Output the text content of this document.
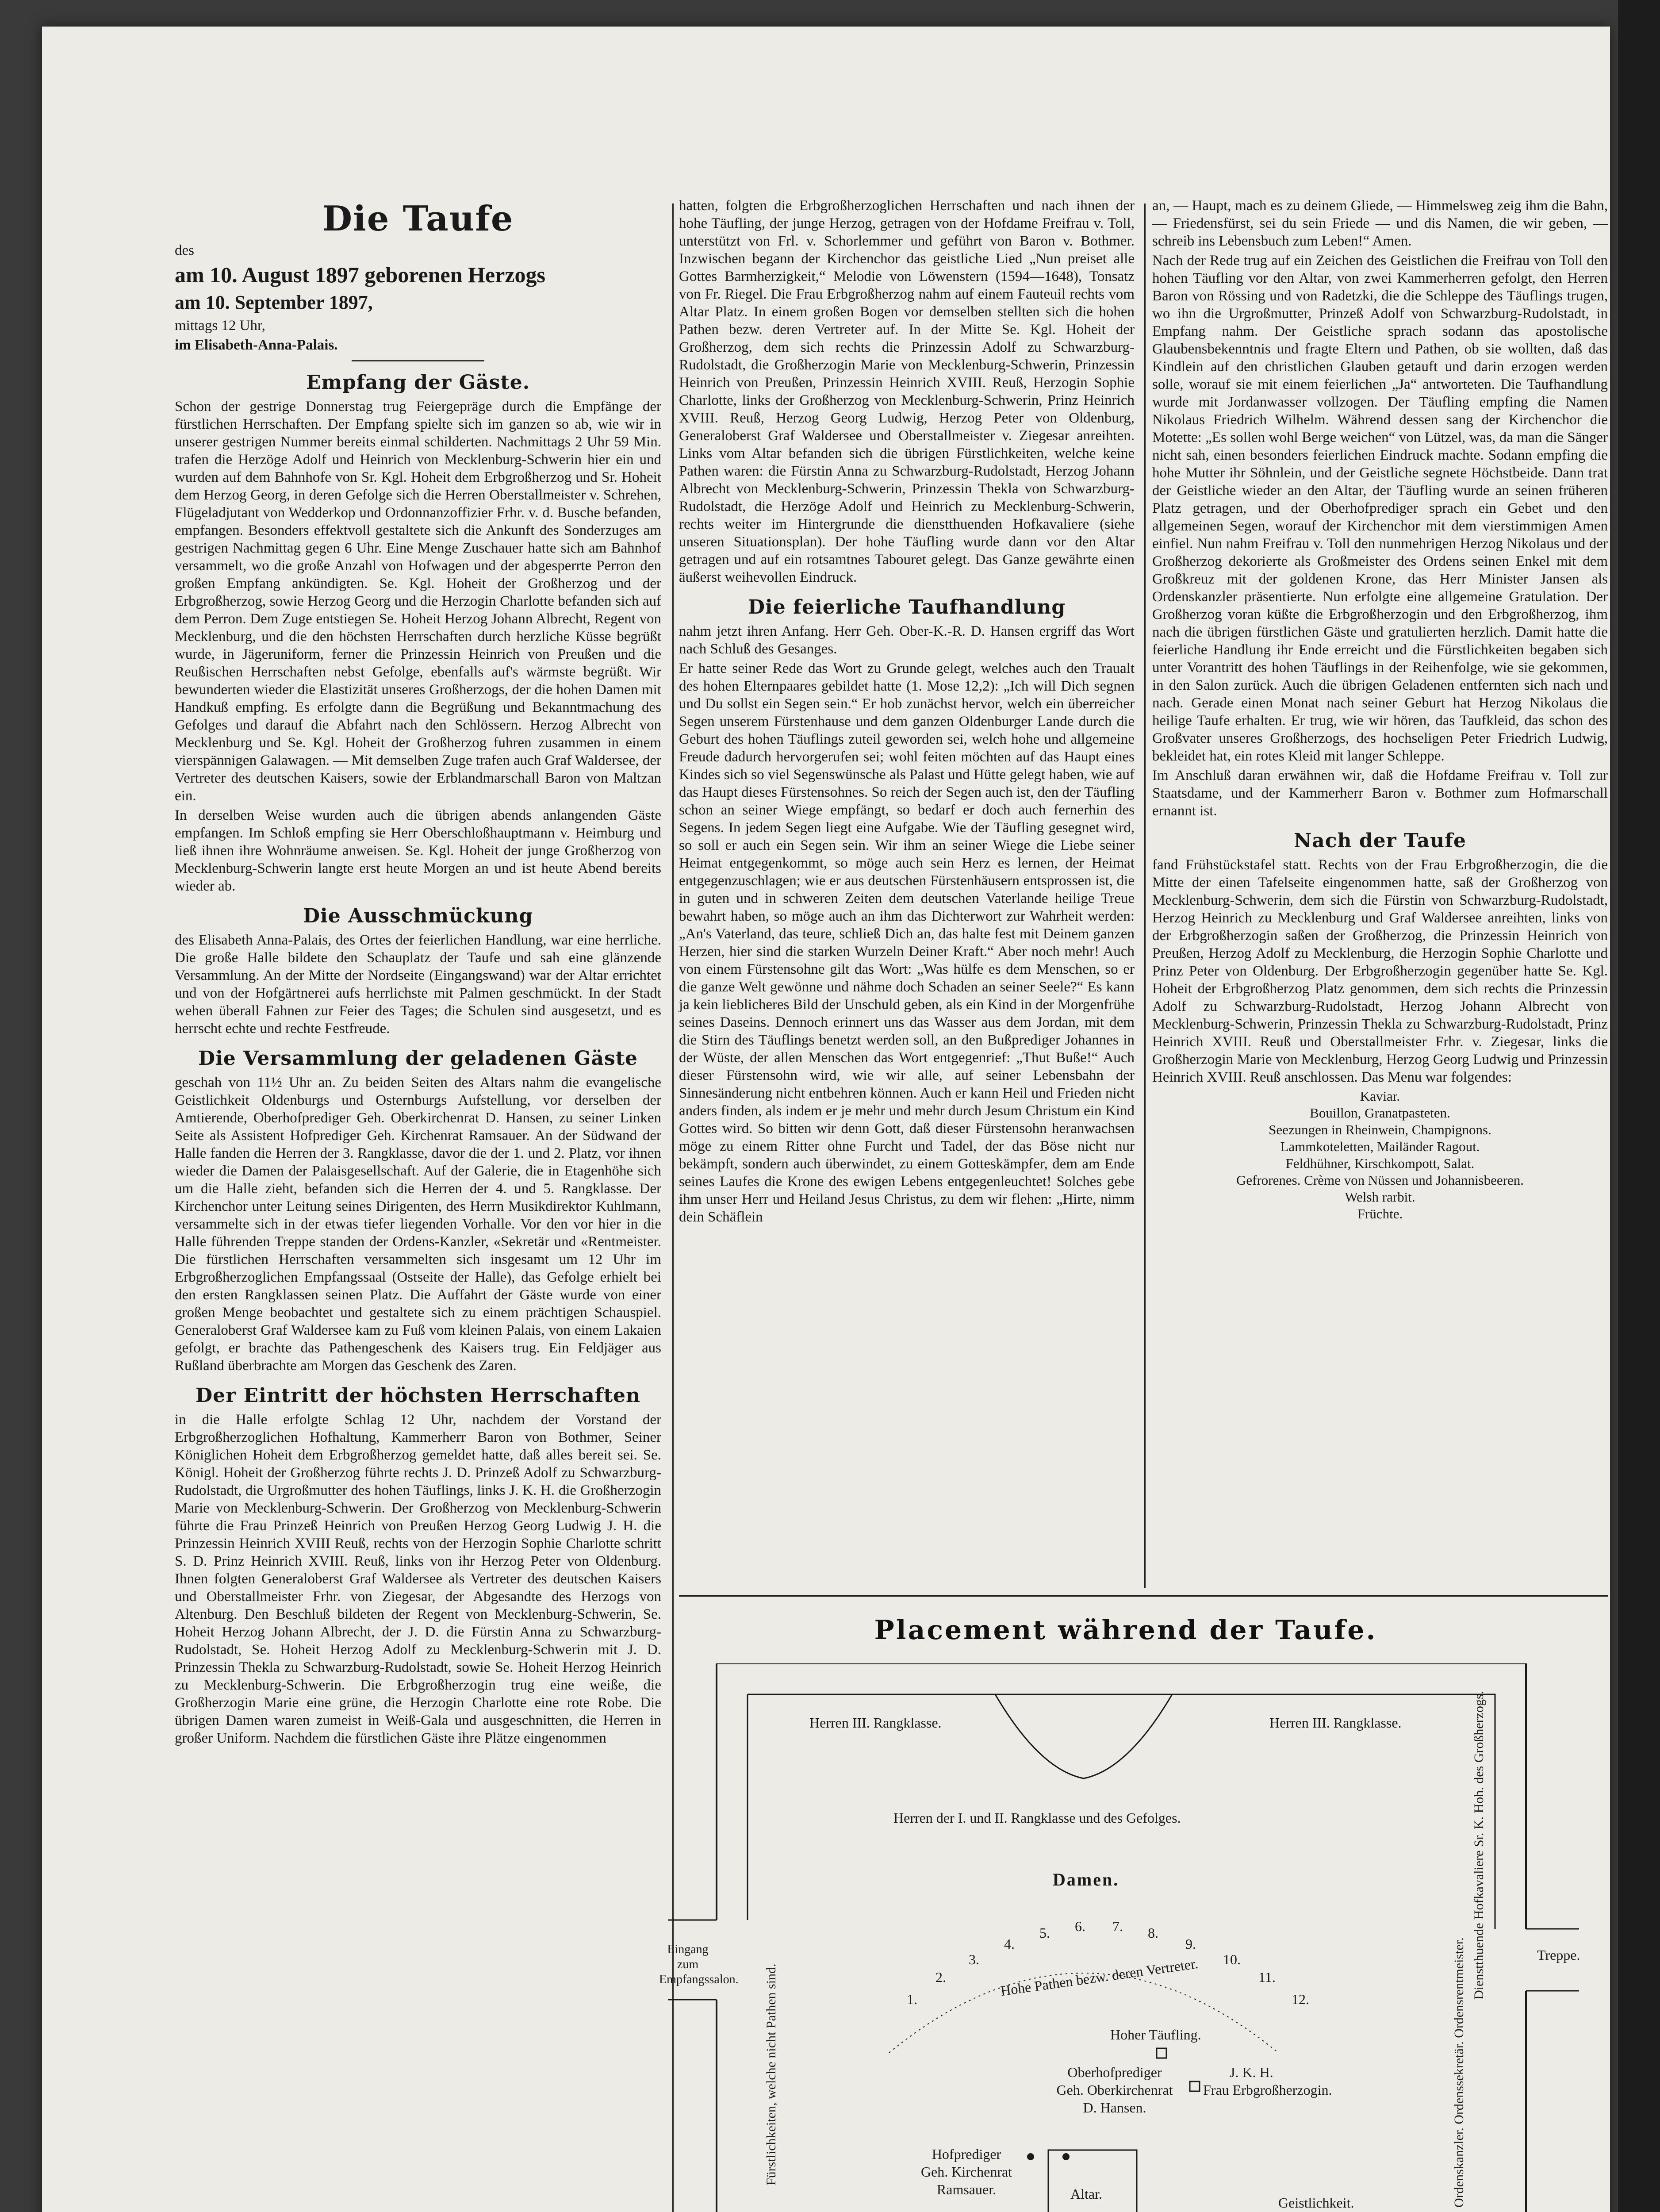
Die Taufe

des

am 10. August 1897 geborenen Herzogs

am 10. September 1897,

mittags 12 Uhr,

im Elisabeth-Anna-Palais.

Empfang der Gäste.

Schon der gestrige Donnerstag trug Feiergepräge durch die Empfänge der fürstlichen Herrschaften. Der Empfang spielte sich im ganzen so ab, wie wir in unserer gestrigen Nummer bereits einmal schilderten. Nachmittags 2 Uhr 59 Min. trafen die Herzöge Adolf und Heinrich von Mecklenburg-Schwerin hier ein und wurden auf dem Bahnhofe von Sr. Kgl. Hoheit dem Erbgroßherzog und Sr. Hoheit dem Herzog Georg, in deren Gefolge sich die Herren Oberstallmeister v. Schrehen, Flügeladjutant von Wedderkop und Ordonnanzoffizier Frhr. v. d. Busche befanden, empfangen. Besonders effektvoll gestaltete sich die Ankunft des Sonderzuges am gestrigen Nachmittag gegen 6 Uhr. Eine Menge Zuschauer hatte sich am Bahnhof versammelt, wo die große Anzahl von Hofwagen und der abgesperrte Perron den großen Empfang ankündigten. Se. Kgl. Hoheit der Großherzog und der Erbgroßherzog, sowie Herzog Georg und die Herzogin Charlotte befanden sich auf dem Perron. Dem Zuge entstiegen Se. Hoheit Herzog Johann Albrecht, Regent von Mecklenburg, und die den höchsten Herrschaften durch herzliche Küsse begrüßt wurde, in Jägeruniform, ferner die Prinzessin Heinrich von Preußen und die Reußischen Herrschaften nebst Gefolge, ebenfalls auf's wärmste begrüßt. Wir bewunderten wieder die Elastizität unseres Großherzogs, der die hohen Damen mit Handkuß empfing. Es erfolgte dann die Begrüßung und Bekanntmachung des Gefolges und darauf die Abfahrt nach den Schlössern. Herzog Albrecht von Mecklenburg und Se. Kgl. Hoheit der Großherzog fuhren zusammen in einem vierspännigen Galawagen. — Mit demselben Zuge trafen auch Graf Waldersee, der Vertreter des deutschen Kaisers, sowie der Erblandmarschall Baron von Maltzan ein.

In derselben Weise wurden auch die übrigen abends anlangenden Gäste empfangen. Im Schloß empfing sie Herr Oberschloßhauptmann v. Heimburg und ließ ihnen ihre Wohnräume anweisen. Se. Kgl. Hoheit der junge Großherzog von Mecklenburg-Schwerin langte erst heute Morgen an und ist heute Abend bereits wieder ab.

Die Ausschmückung

des Elisabeth Anna-Palais, des Ortes der feierlichen Handlung, war eine herrliche. Die große Halle bildete den Schauplatz der Taufe und sah eine glänzende Versammlung. An der Mitte der Nordseite (Eingangswand) war der Altar errichtet und von der Hofgärtnerei aufs herrlichste mit Palmen geschmückt. In der Stadt wehen überall Fahnen zur Feier des Tages; die Schulen sind ausgesetzt, und es herrscht echte und rechte Festfreude.

Die Versammlung der geladenen Gäste

geschah von 11½ Uhr an. Zu beiden Seiten des Altars nahm die evangelische Geistlichkeit Oldenburgs und Osternburgs Aufstellung, vor derselben der Amtierende, Oberhofprediger Geh. Oberkirchenrat D. Hansen, zu seiner Linken Seite als Assistent Hofprediger Geh. Kirchenrat Ramsauer. An der Südwand der Halle fanden die Herren der 3. Rangklasse, davor die der 1. und 2. Platz, vor ihnen wieder die Damen der Palaisgesellschaft. Auf der Galerie, die in Etagenhöhe sich um die Halle zieht, befanden sich die Herren der 4. und 5. Rangklasse. Der Kirchenchor unter Leitung seines Dirigenten, des Herrn Musikdirektor Kuhlmann, versammelte sich in der etwas tiefer liegenden Vorhalle. Vor den vor hier in die Halle führenden Treppe standen der Ordens-Kanzler, «Sekretär und «Rentmeister. Die fürstlichen Herrschaften versammelten sich insgesamt um 12 Uhr im Erbgroßherzoglichen Empfangssaal (Ostseite der Halle), das Gefolge erhielt bei den ersten Rangklassen seinen Platz. Die Auffahrt der Gäste wurde von einer großen Menge beobachtet und gestaltete sich zu einem prächtigen Schauspiel. Generaloberst Graf Waldersee kam zu Fuß vom kleinen Palais, von einem Lakaien gefolgt, er brachte das Pathengeschenk des Kaisers trug. Ein Feldjäger aus Rußland überbrachte am Morgen das Geschenk des Zaren.

Der Eintritt der höchsten Herrschaften

in die Halle erfolgte Schlag 12 Uhr, nachdem der Vorstand der Erbgroßherzoglichen Hofhaltung, Kammerherr Baron von Bothmer, Seiner Königlichen Hoheit dem Erbgroßherzog gemeldet hatte, daß alles bereit sei. Se. Königl. Hoheit der Großherzog führte rechts J. D. Prinzeß Adolf zu Schwarzburg-Rudolstadt, die Urgroßmutter des hohen Täuflings, links J. K. H. die Großherzogin Marie von Mecklenburg-Schwerin. Der Großherzog von Mecklenburg-Schwerin führte die Frau Prinzeß Heinrich von Preußen Herzog Georg Ludwig J. H. die Prinzessin Heinrich XVIII Reuß, rechts von der Herzogin Sophie Charlotte schritt S. D. Prinz Heinrich XVIII. Reuß, links von ihr Herzog Peter von Oldenburg. Ihnen folgten Generaloberst Graf Waldersee als Vertreter des deutschen Kaisers und Oberstallmeister Frhr. von Ziegesar, der Abgesandte des Herzogs von Altenburg. Den Beschluß bildeten der Regent von Mecklenburg-Schwerin, Se. Hoheit Herzog Johann Albrecht, der J. D. die Fürstin Anna zu Schwarzburg-Rudolstadt, Se. Hoheit Herzog Adolf zu Mecklenburg-Schwerin mit J. D. Prinzessin Thekla zu Schwarzburg-Rudolstadt, sowie Se. Hoheit Herzog Heinrich zu Mecklenburg-Schwerin. Die Erbgroßherzogin trug eine weiße, die Großherzogin Marie eine grüne, die Herzogin Charlotte eine rote Robe. Die übrigen Damen waren zumeist in Weiß-Gala und ausgeschnitten, die Herren in großer Uniform. Nachdem die fürstlichen Gäste ihre Plätze eingenommen

hatten, folgten die Erbgroßherzoglichen Herrschaften und nach ihnen der hohe Täufling, der junge Herzog, getragen von der Hofdame Freifrau v. Toll, unterstützt von Frl. v. Schorlemmer und geführt von Baron v. Bothmer. Inzwischen begann der Kirchenchor das geistliche Lied „Nun preiset alle Gottes Barmherzigkeit,“ Melodie von Löwenstern (1594—1648), Tonsatz von Fr. Riegel. Die Frau Erbgroßherzog nahm auf einem Fauteuil rechts vom Altar Platz. In einem großen Bogen vor demselben stellten sich die hohen Pathen bezw. deren Vertreter auf. In der Mitte Se. Kgl. Hoheit der Großherzog, dem sich rechts die Prinzessin Adolf zu Schwarzburg-Rudolstadt, die Großherzogin Marie von Mecklenburg-Schwerin, Prinzessin Heinrich von Preußen, Prinzessin Heinrich XVIII. Reuß, Herzogin Sophie Charlotte, links der Großherzog von Mecklenburg-Schwerin, Prinz Heinrich XVIII. Reuß, Herzog Georg Ludwig, Herzog Peter von Oldenburg, Generaloberst Graf Waldersee und Oberstallmeister v. Ziegesar anreihten. Links vom Altar befanden sich die übrigen Fürstlichkeiten, welche keine Pathen waren: die Fürstin Anna zu Schwarzburg-Rudolstadt, Herzog Johann Albrecht von Mecklenburg-Schwerin, Prinzessin Thekla von Schwarzburg-Rudolstadt, die Herzöge Adolf und Heinrich zu Mecklenburg-Schwerin, rechts weiter im Hintergrunde die dienstthuenden Hofkavaliere (siehe unseren Situationsplan). Der hohe Täufling wurde dann vor den Altar getragen und auf ein rotsamtnes Tabouret gelegt. Das Ganze gewährte einen äußerst weihevollen Eindruck.

Die feierliche Taufhandlung

nahm jetzt ihren Anfang. Herr Geh. Ober-K.-R. D. Hansen ergriff das Wort nach Schluß des Gesanges.

Er hatte seiner Rede das Wort zu Grunde gelegt, welches auch den Traualt des hohen Elternpaares gebildet hatte (1. Mose 12,2): „Ich will Dich segnen und Du sollst ein Segen sein.“ Er hob zunächst hervor, welch ein überreicher Segen unserem Fürstenhause und dem ganzen Oldenburger Lande durch die Geburt des hohen Täuflings zuteil geworden sei, welch hohe und allgemeine Freude dadurch hervorgerufen sei; wohl feiten möchten auf das Haupt eines Kindes sich so viel Segenswünsche als Palast und Hütte gelegt haben, wie auf das Haupt dieses Fürstensohnes. So reich der Segen auch ist, den der Täufling schon an seiner Wiege empfängt, so bedarf er doch auch fernerhin des Segens. In jedem Segen liegt eine Aufgabe. Wie der Täufling gesegnet wird, so soll er auch ein Segen sein. Wir ihm an seiner Wiege die Liebe seiner Heimat entgegenkommt, so möge auch sein Herz es lernen, der Heimat entgegenzuschlagen; wie er aus deutschen Fürstenhäusern entsprossen ist, die in guten und in schweren Zeiten dem deutschen Vaterlande heilige Treue bewahrt haben, so möge auch an ihm das Dichterwort zur Wahrheit werden: „An's Vaterland, das teure, schließ Dich an, das halte fest mit Deinem ganzen Herzen, hier sind die starken Wurzeln Deiner Kraft.“ Aber noch mehr! Auch von einem Fürstensohne gilt das Wort: „Was hülfe es dem Menschen, so er die ganze Welt gewönne und nähme doch Schaden an seiner Seele?“ Es kann ja kein lieblicheres Bild der Unschuld geben, als ein Kind in der Morgenfrühe seines Daseins. Dennoch erinnert uns das Wasser aus dem Jordan, mit dem die Stirn des Täuflings benetzt werden soll, an den Bußprediger Johannes in der Wüste, der allen Menschen das Wort entgegenrief: „Thut Buße!“ Auch dieser Fürstensohn wird, wie wir alle, auf seiner Lebensbahn der Sinnesänderung nicht entbehren können. Auch er kann Heil und Frieden nicht anders finden, als indem er je mehr und mehr durch Jesum Christum ein Kind Gottes wird. So bitten wir denn Gott, daß dieser Fürstensohn heranwachsen möge zu einem Ritter ohne Furcht und Tadel, der das Böse nicht nur bekämpft, sondern auch überwindet, zu einem Gotteskämpfer, dem am Ende seines Laufes die Krone des ewigen Lebens entgegenleuchtet! Solches gebe ihm unser Herr und Heiland Jesus Christus, zu dem wir flehen: „Hirte, nimm dein Schäflein

an, — Haupt, mach es zu deinem Gliede, — Himmelsweg zeig ihm die Bahn, — Friedensfürst, sei du sein Friede — und dis Namen, die wir geben, — schreib ins Lebensbuch zum Leben!“ Amen.

Nach der Rede trug auf ein Zeichen des Geistlichen die Freifrau von Toll den hohen Täufling vor den Altar, von zwei Kammerherren gefolgt, den Herren Baron von Rössing und von Radetzki, die die Schleppe des Täuflings trugen, wo ihn die Urgroßmutter, Prinzeß Adolf von Schwarzburg-Rudolstadt, in Empfang nahm. Der Geistliche sprach sodann das apostolische Glaubensbekenntnis und fragte Eltern und Pathen, ob sie wollten, daß das Kindlein auf den christlichen Glauben getauft und darin erzogen werden solle, worauf sie mit einem feierlichen „Ja“ antworteten. Die Taufhandlung wurde mit Jordanwasser vollzogen. Der Täufling empfing die Namen Nikolaus Friedrich Wilhelm. Während dessen sang der Kirchenchor die Motette: „Es sollen wohl Berge weichen“ von Lützel, was, da man die Sänger nicht sah, einen besonders feierlichen Eindruck machte. Sodann empfing die hohe Mutter ihr Söhnlein, und der Geistliche segnete Höchstbeide. Dann trat der Geistliche wieder an den Altar, der Täufling wurde an seinen früheren Platz getragen, und der Oberhofprediger sprach ein Gebet und den allgemeinen Segen, worauf der Kirchenchor mit dem vierstimmigen Amen einfiel. Nun nahm Freifrau v. Toll den nunmehrigen Herzog Nikolaus und der Großherzog dekorierte als Großmeister des Ordens seinen Enkel mit dem Großkreuz mit der goldenen Krone, das Herr Minister Jansen als Ordenskanzler präsentierte. Nun erfolgte eine allgemeine Gratulation. Der Großherzog voran küßte die Erbgroßherzogin und den Erbgroßherzog, ihm nach die übrigen fürstlichen Gäste und gratulierten herzlich. Damit hatte die feierliche Handlung ihr Ende erreicht und die Fürstlichkeiten begaben sich unter Vorantritt des hohen Täuflings in der Reihenfolge, wie sie gekommen, in den Salon zurück. Auch die übrigen Geladenen entfernten sich nach und nach. Gerade einen Monat nach seiner Geburt hat Herzog Nikolaus die heilige Taufe erhalten. Er trug, wie wir hören, das Taufkleid, das schon des Großvater unseres Großherzogs, des hochseligen Peter Friedrich Ludwig, bekleidet hat, ein rotes Kleid mit langer Schleppe.

Im Anschluß daran erwähnen wir, daß die Hofdame Freifrau v. Toll zur Staatsdame, und der Kammerherr Baron v. Bothmer zum Hofmarschall ernannt ist.

Nach der Taufe

fand Frühstückstafel statt. Rechts von der Frau Erbgroßherzogin, die die Mitte der einen Tafelseite eingenommen hatte, saß der Großherzog von Mecklenburg-Schwerin, dem sich die Fürstin von Schwarzburg-Rudolstadt, Herzog Heinrich zu Mecklenburg und Graf Waldersee anreihten, links von der Erbgroßherzogin saßen der Großherzog, die Prinzessin Heinrich von Preußen, Herzog Adolf zu Mecklenburg, die Herzogin Sophie Charlotte und Prinz Peter von Oldenburg. Der Erbgroßherzogin gegenüber hatte Se. Kgl. Hoheit der Erbgroßherzog Platz genommen, dem sich rechts die Prinzessin Adolf zu Schwarzburg-Rudolstadt, Herzog Johann Albrecht von Mecklenburg-Schwerin, Prinzessin Thekla zu Schwarzburg-Rudolstadt, Prinz Heinrich XVIII. Reuß und Oberstallmeister Frhr. v. Ziegesar, links die Großherzogin Marie von Mecklenburg, Herzog Georg Ludwig und Prinzessin Heinrich XVIII. Reuß anschlossen. Das Menu war folgendes:

Kaviar.

Bouillon, Granatpasteten.

Seezungen in Rheinwein, Champignons.

Lammkoteletten, Mailänder Ragout.

Feldhühner, Kirschkompott, Salat.

Gefrorenes. Crème von Nüssen und Johannisbeeren.

Welsh rarbit.

Früchte.

Placement während der Taufe.
Herren III. Rangklasse.	Herren III. Rangklasse.
Herren der I. und II. Rangklasse und des Gefolges.
Damen.
1.
2.
3.
4.
5. 6. 7. 8.
9.
10.
11.
12.
Hohe Pathen bezw. deren Vertreter.
Hoher Täufling.
Oberhofprediger
Geh. Oberkirchenrat
D. Hansen.
J. K. H.
Frau Erbgroßherzogin.
Hofprediger
Geh. Kirchenrat
Ramsauer.	Altar.
Geistlichkeit.
Eingang zum Empfangssalon.
Treppe.
Fürstlichkeiten, welche nicht Pathen sind.
Dienstthuende Hofkavaliere Sr. K. Hoh. des Großherzogs.
Ordenskanzler. Ordenssekretär. Ordensrentmeister.
